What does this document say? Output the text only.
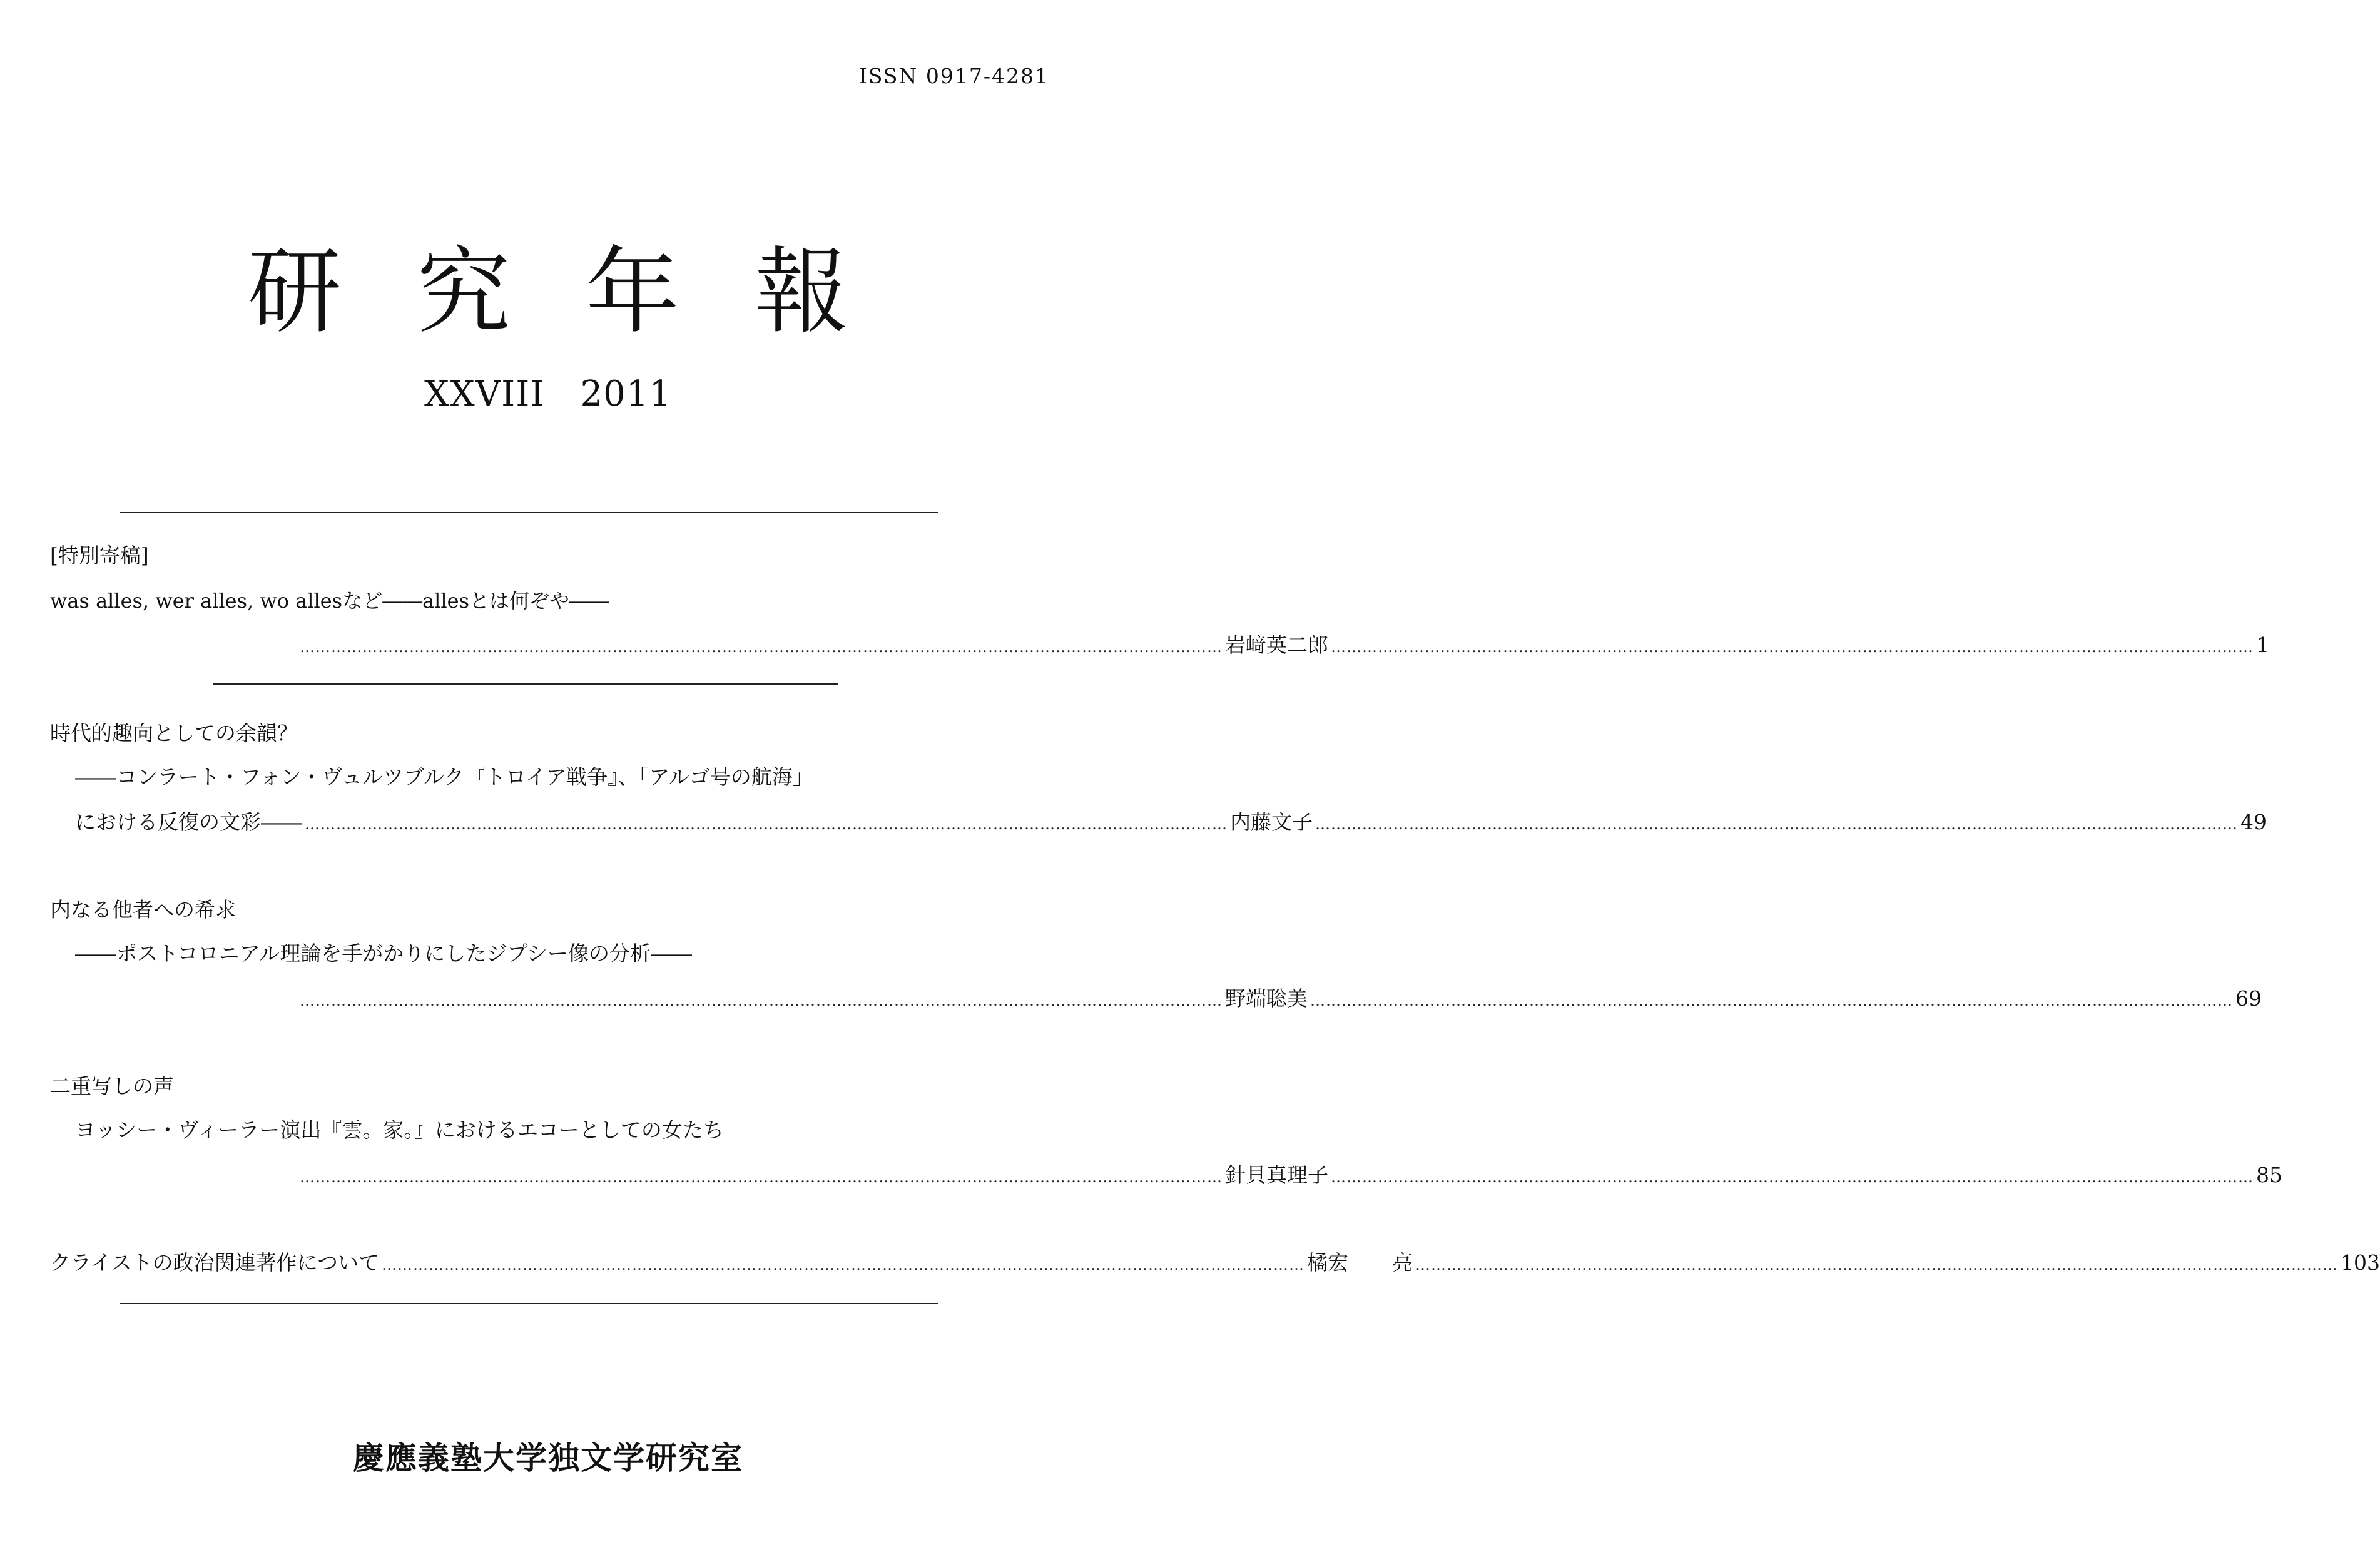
ISSN 0917-4281
研究年報
XXVIII　2011
[特別寄稿]
was alles, wer alles, wo allesなど――allesとは何ぞや――
…………………………………………………………………………………………………………………………………………………………… 岩 﨑 英二郎 …………………………………………………………………………………………………………………………………………………………… 1
時代的趣向としての余韻？
――コンラート・フォン・ヴュルツブルク『トロイア戦争』、「アルゴ号の航海」
における反復の文彩―― …………………………………………………………………………………………………………………………………………………………… 内 藤 文 子 …………………………………………………………………………………………………………………………………………………………… 49
内なる他者への希求
――ポストコロニアル理論を手がかりにしたジプシー像の分析――
…………………………………………………………………………………………………………………………………………………………… 野 端 聡 美 …………………………………………………………………………………………………………………………………………………………… 69
二重写しの声
ヨッシー・ヴィーラー演出『雲。家。』におけるエコーとしての女たち
…………………………………………………………………………………………………………………………………………………………… 針 貝 真理子 …………………………………………………………………………………………………………………………………………………………… 85
クライストの政治関連著作について …………………………………………………………………………………………………………………………………………………………… 橘 宏 亮 …………………………………………………………………………………………………………………………………………………………… 103
慶應義塾大学独文学研究室
